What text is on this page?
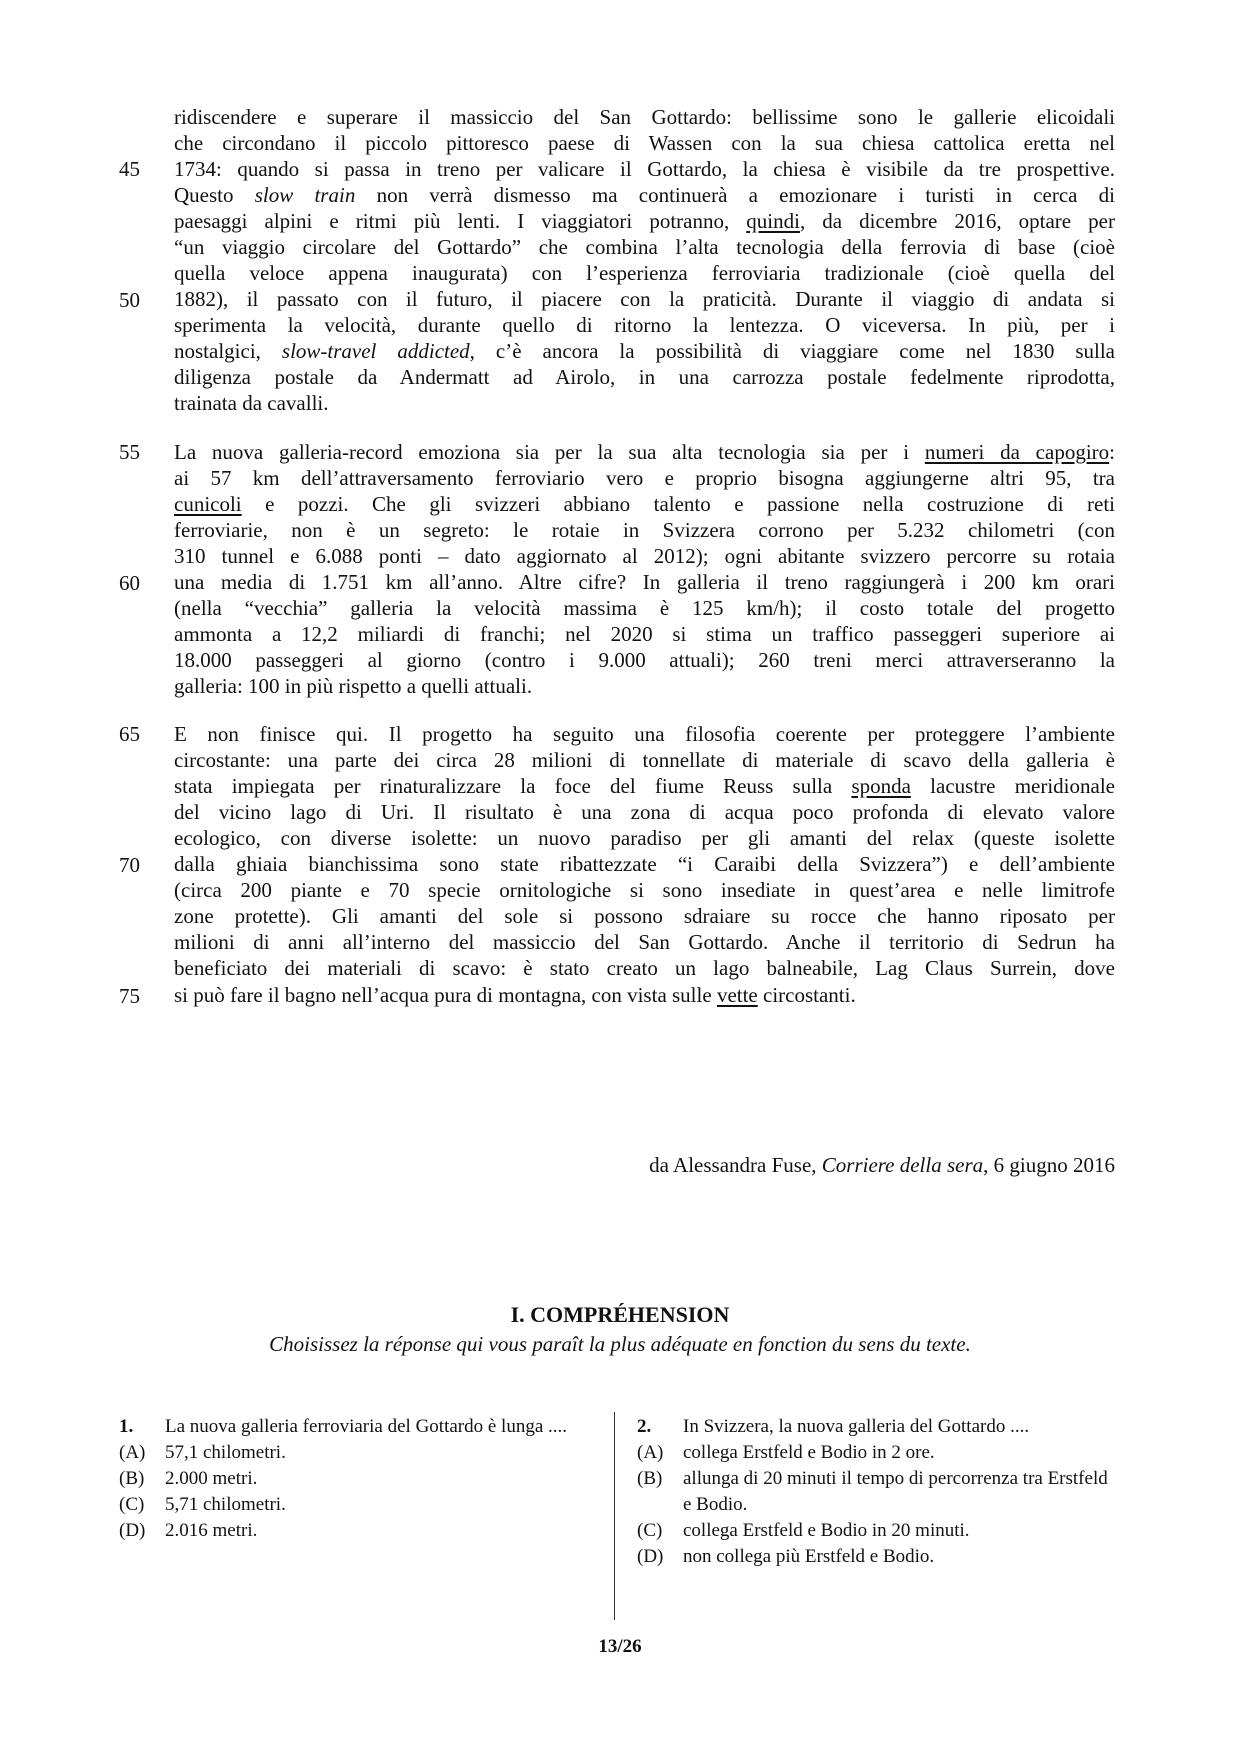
45
50
55
60
65
70
75
ridiscendere e superare il massiccio del San Gottardo: bellissime sono le gallerie elicoidali
che circondano il piccolo pittoresco paese di Wassen con la sua chiesa cattolica eretta nel
1734: quando si passa in treno per valicare il Gottardo, la chiesa è visibile da tre prospettive.
Questo slow train non verrà dismesso ma continuerà a emozionare i turisti in cerca di
paesaggi alpini e ritmi più lenti. I viaggiatori potranno, quindi, da dicembre 2016, optare per
“un viaggio circolare del Gottardo” che combina l’alta tecnologia della ferrovia di base (cioè
quella veloce appena inaugurata) con l’esperienza ferroviaria tradizionale (cioè quella del
1882), il passato con il futuro, il piacere con la praticità. Durante il viaggio di andata si
sperimenta la velocità, durante quello di ritorno la lentezza. O viceversa. In più, per i
nostalgici, slow-travel addicted, c’è ancora la possibilità di viaggiare come nel 1830 sulla
diligenza postale da Andermatt ad Airolo, in una carrozza postale fedelmente riprodotta,
trainata da cavalli.
La nuova galleria-record emoziona sia per la sua alta tecnologia sia per i numeri da capogiro:
ai 57 km dell’attraversamento ferroviario vero e proprio bisogna aggiungerne altri 95, tra
cunicoli e pozzi. Che gli svizzeri abbiano talento e passione nella costruzione di reti
ferroviarie, non è un segreto: le rotaie in Svizzera corrono per 5.232 chilometri (con
310 tunnel e 6.088 ponti – dato aggiornato al 2012); ogni abitante svizzero percorre su rotaia
una media di 1.751 km all’anno. Altre cifre? In galleria il treno raggiungerà i 200 km orari
(nella “vecchia” galleria la velocità massima è 125 km/h); il costo totale del progetto
ammonta a 12,2 miliardi di franchi; nel 2020 si stima un traffico passeggeri superiore ai
18.000 passeggeri al giorno (contro i 9.000 attuali); 260 treni merci attraverseranno la
galleria: 100 in più rispetto a quelli attuali.
E non finisce qui. Il progetto ha seguito una filosofia coerente per proteggere l’ambiente
circostante: una parte dei circa 28 milioni di tonnellate di materiale di scavo della galleria è
stata impiegata per rinaturalizzare la foce del fiume Reuss sulla sponda lacustre meridionale
del vicino lago di Uri. Il risultato è una zona di acqua poco profonda di elevato valore
ecologico, con diverse isolette: un nuovo paradiso per gli amanti del relax (queste isolette
dalla ghiaia bianchissima sono state ribattezzate “i Caraibi della Svizzera”) e dell’ambiente
(circa 200 piante e 70 specie ornitologiche si sono insediate in quest’area e nelle limitrofe
zone protette). Gli amanti del sole si possono sdraiare su rocce che hanno riposato per
milioni di anni all’interno del massiccio del San Gottardo. Anche il territorio di Sedrun ha
beneficiato dei materiali di scavo: è stato creato un lago balneabile, Lag Claus Surrein, dove
si può fare il bagno nell’acqua pura di montagna, con vista sulle vette circostanti.
da Alessandra Fuse, Corriere della sera, 6 giugno 2016
I. COMPRÉHENSION
Choisissez la réponse qui vous paraît la plus adéquate en fonction du sens du texte.
1. La nuova galleria ferroviaria del Gottardo è lunga ....
(A) 57,1 chilometri.
(B) 2.000 metri.
(C) 5,71 chilometri.
(D) 2.016 metri.
2. In Svizzera, la nuova galleria del Gottardo ....
(A) collega Erstfeld e Bodio in 2 ore.
(B) allunga di 20 minuti il tempo di percorrenza tra Erstfeld e Bodio.
(C) collega Erstfeld e Bodio in 20 minuti.
(D) non collega più Erstfeld e Bodio.
13/26
